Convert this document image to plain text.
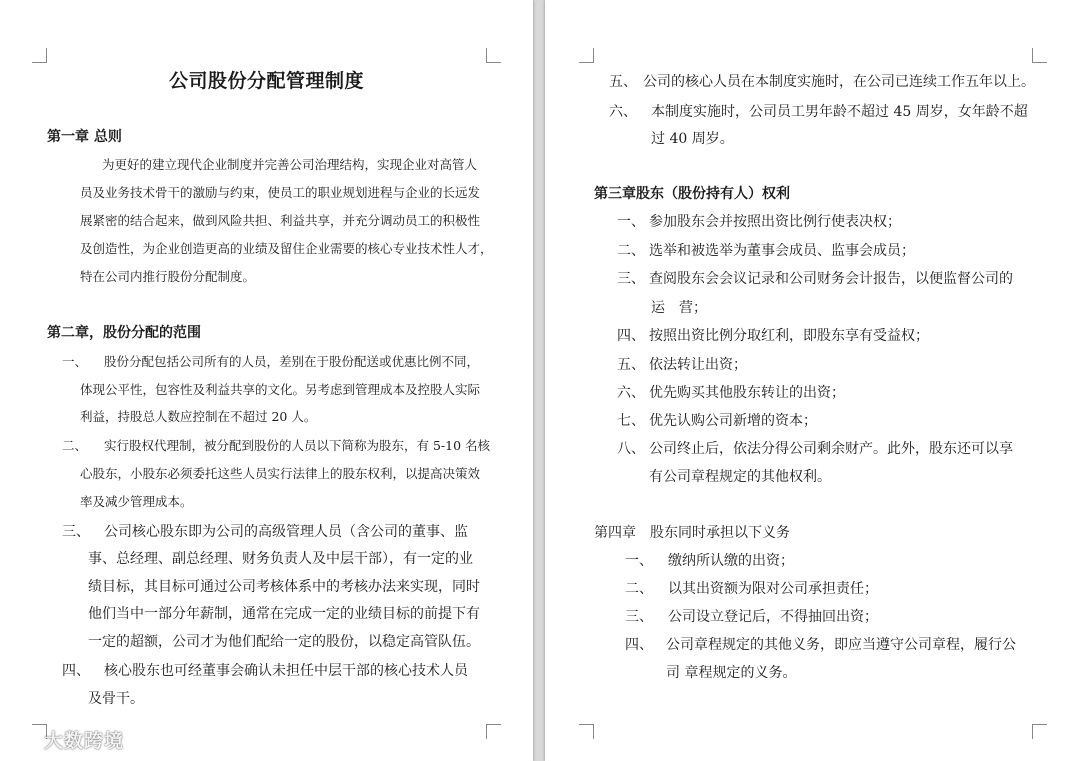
公司股份分配管理制度
第一章 总则
为更好的建立现代企业制度并完善公司治理结构，实现企业对高管人
员及业务技术骨干的激励与约束，使员工的职业规划进程与企业的长远发
展紧密的结合起来，做到风险共担、利益共享，并充分调动员工的积极性
及创造性，为企业创造更高的业绩及留住企业需要的核心专业技术性人才，
特在公司内推行股份分配制度。
第二章，股份分配的范围
一、 股份分配包括公司所有的人员，差别在于股份配送或优惠比例不同，
体现公平性，包容性及利益共享的文化。另考虑到管理成本及控股人实际
利益，持股总人数应控制在不超过 20 人。
二、 实行股权代理制，被分配到股份的人员以下简称为股东，有 5-10 名核
心股东，小股东必须委托这些人员实行法律上的股东权利，以提高决策效
率及减少管理成本。
三、 公司核心股东即为公司的高级管理人员（含公司的董事、监
事、总经理、副总经理、财务负责人及中层干部），有一定的业
绩目标，其目标可通过公司考核体系中的考核办法来实现，同时
他们当中一部分年薪制，通常在完成一定的业绩目标的前提下有
一定的超额，公司才为他们配给一定的股份，以稳定高管队伍。
四、 核心股东也可经董事会确认未担任中层干部的核心技术人员
及骨干。
大数跨境
五、 公司的核心人员在本制度实施时，在公司已连续工作五年以上。
六、 本制度实施时，公司员工男年龄不超过 45 周岁，女年龄不超
过 40 周岁。
第三章股东（股份持有人）权利
一、 参加股东会并按照出资比例行使表决权；
二、 选举和被选举为董事会成员、监事会成员；
三、 查阅股东会会议记录和公司财务会计报告，以便监督公司的
运　营；
四、 按照出资比例分取红利，即股东享有受益权；
五、 依法转让出资；
六、 优先购买其他股东转让的出资；
七、 优先认购公司新增的资本；
八、 公司终止后，依法分得公司剩余财产。此外，股东还可以享
有公司章程规定的其他权利。
第四章　股东同时承担以下义务
一、 缴纳所认缴的出资；
二、 以其出资额为限对公司承担责任；
三、 公司设立登记后，不得抽回出资；
四、 公司章程规定的其他义务，即应当遵守公司章程，履行公
司 章程规定的义务。
